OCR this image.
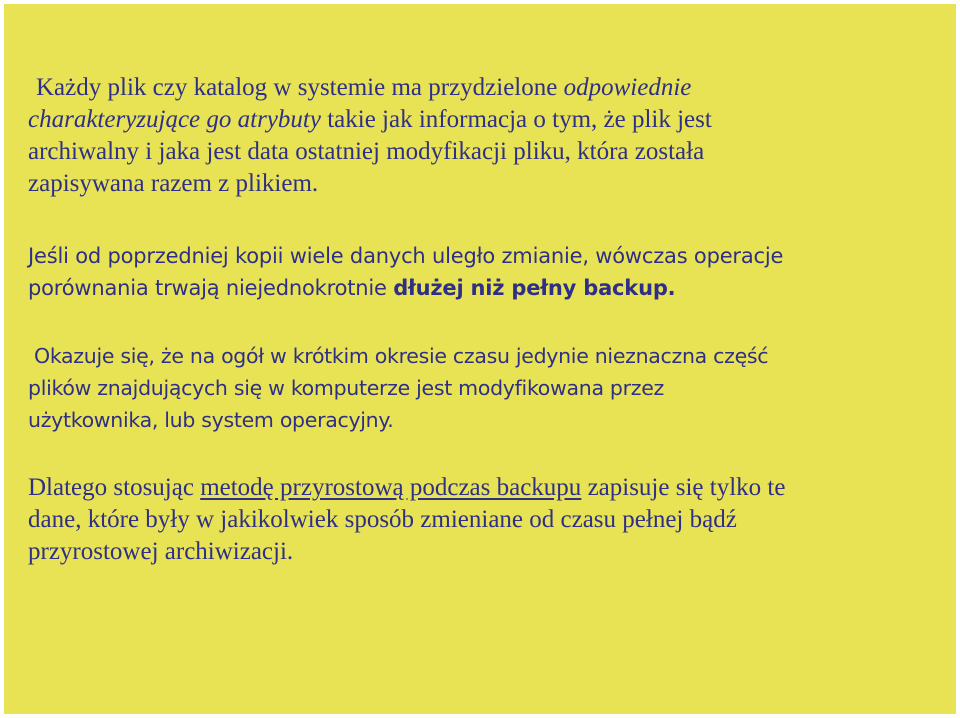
Każdy plik czy katalog w systemie ma przydzielone odpowiednie
charakteryzujące go atrybuty takie jak informacja o tym, że plik jest
archiwalny i jaka jest data ostatniej modyfikacji pliku, która została
zapisywana razem z plikiem.
Jeśli od poprzedniej kopii wiele danych uległo zmianie, wówczas operacje
porównania trwają niejednokrotnie dłużej niż pełny backup.
Okazuje się, że na ogół w krótkim okresie czasu jedynie nieznaczna część
plików znajdujących się w komputerze jest modyfikowana przez
użytkownika, lub system operacyjny.
Dlatego stosując metodę przyrostową podczas backupu zapisuje się tylko te
dane, które były w jakikolwiek sposób zmieniane od czasu pełnej bądź
przyrostowej archiwizacji.
